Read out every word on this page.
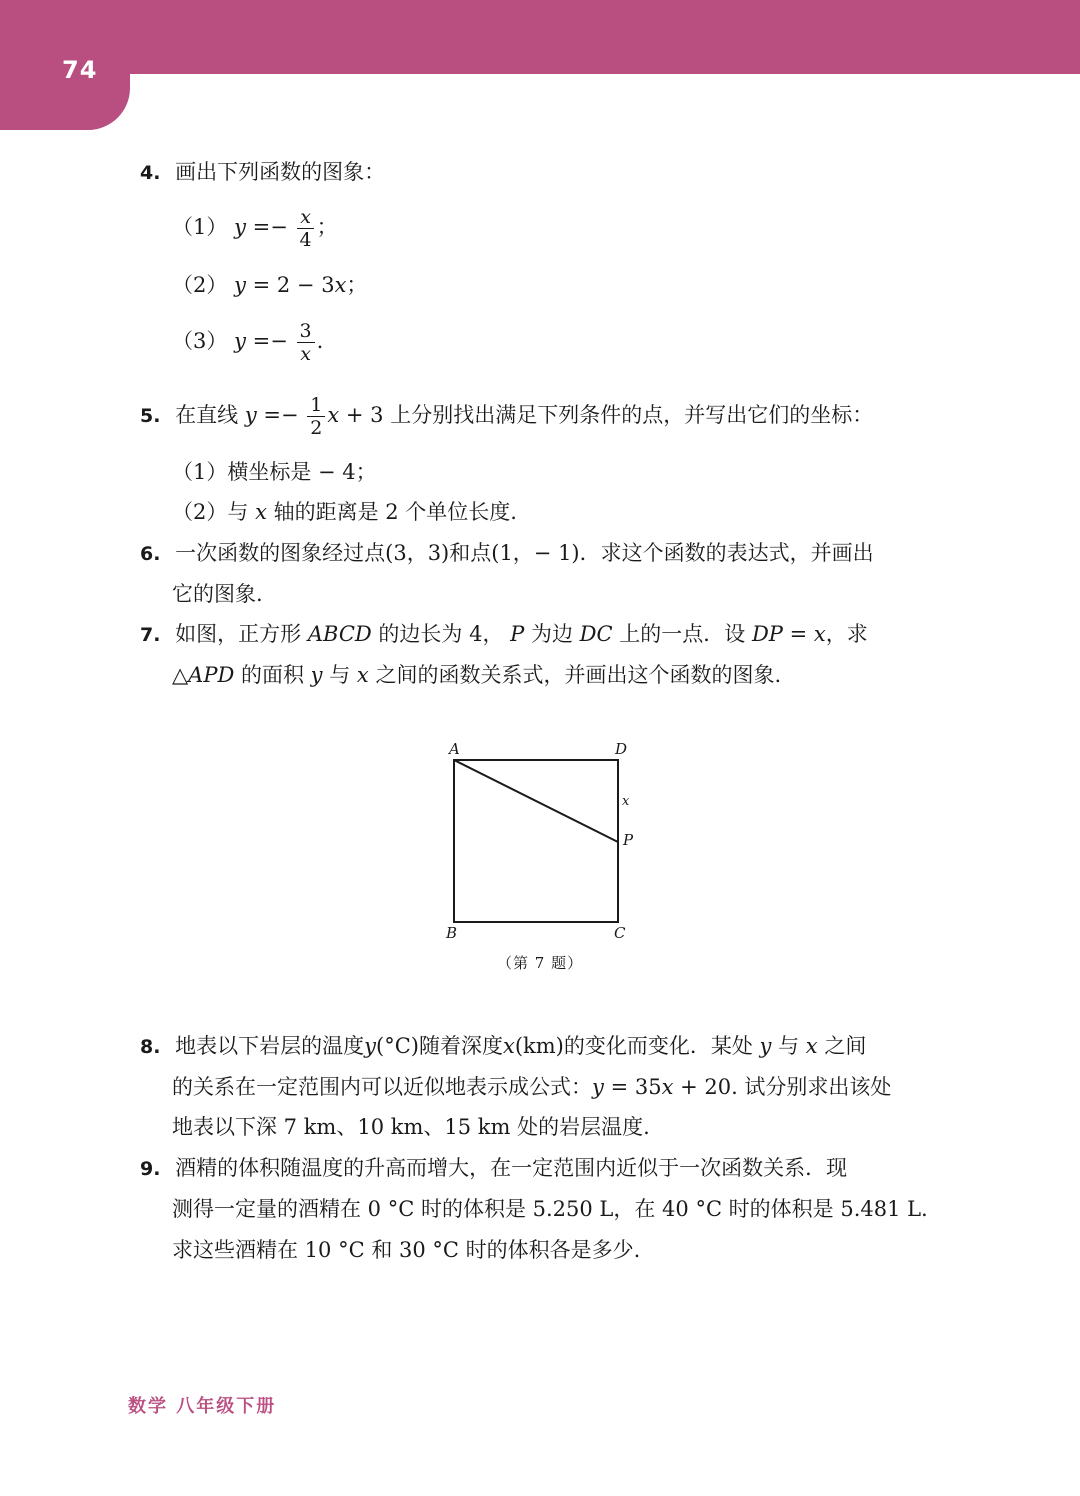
74
4. 画出下列函数的图象：
（1） $y =- \frac{x}{4}$ ；
（2） y = 2 − 3x；
（3） $y =- \frac{3}{x}$ .
5. 在直线 $y =- \frac{1}{2}$ x + 3 上分别找出满足下列条件的点，并写出它们的坐标：
（1）横坐标是 − 4；
（2）与 x 轴的距离是 2 个单位长度.
6. 一次函数的图象经过点(3，3)和点(1，− 1)．求这个函数的表达式，并画出
它的图象.
7. 如图，正方形 ABCD 的边长为 4， P 为边 DC 上的一点．设 DP = x，求
△APD 的面积 y 与 x 之间的函数关系式，并画出这个函数的图象.
A	D
B	C
P
x
（第 7 题）
8. 地表以下岩层的温度y(°C)随着深度x(km)的变化而变化．某处 y 与 x 之间
的关系在一定范围内可以近似地表示成公式：y = 35x + 20. 试分别求出该处
地表以下深 7 km、10 km、15 km 处的岩层温度.
9. 酒精的体积随温度的升高而增大，在一定范围内近似于一次函数关系．现
测得一定量的酒精在 0 °C 时的体积是 5.250 L，在 40 °C 时的体积是 5.481 L．
求这些酒精在 10 °C 和 30 °C 时的体积各是多少.
数学 八年级下册
